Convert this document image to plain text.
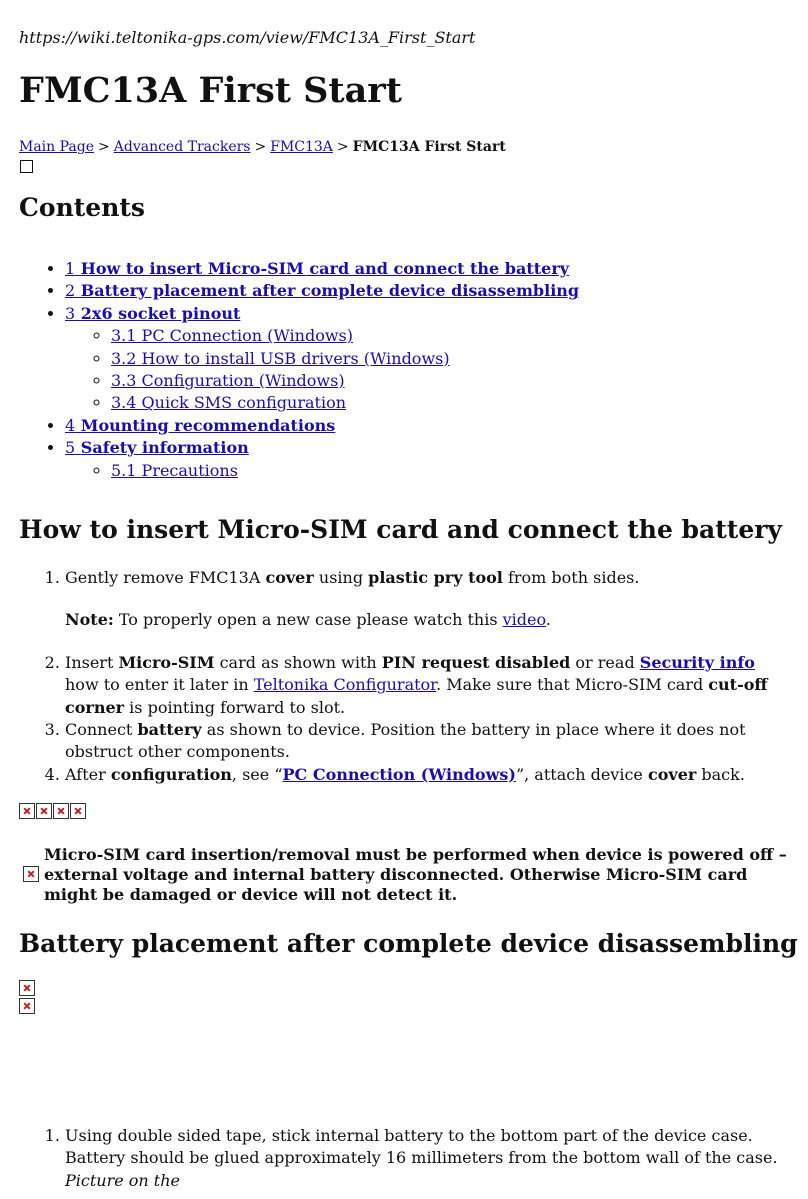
https://wiki.teltonika-gps.com/view/FMC13A_First_Start
FMC13A First Start
Main Page > Advanced Trackers > FMC13A > FMC13A First Start
Contents
• 1 How to insert Micro-SIM card and connect the battery
• 2 Battery placement after complete device disassembling
• 3 2x6 socket pinout
◦ 3.1 PC Connection (Windows)
◦ 3.2 How to install USB drivers (Windows)
◦ 3.3 Configuration (Windows)
◦ 3.4 Quick SMS configuration
• 4 Mounting recommendations
• 5 Safety information
◦ 5.1 Precautions
How to insert Micro-SIM card and connect the battery
1. Gently remove FMC13A cover using plastic pry tool from both sides.
Note: To properly open a new case please watch this video.
2. Insert Micro-SIM card as shown with PIN request disabled or read Security info how to enter it later in Teltonika Configurator. Make sure that Micro-SIM card cut-off corner is pointing forward to slot.
3. Connect battery as shown to device. Position the battery in place where it does not obstruct other components.
4. After configuration, see “PC Connection (Windows)”, attach device cover back.
Micro-SIM card insertion/removal must be performed when device is powered off – external voltage and internal battery disconnected. Otherwise Micro-SIM card might be damaged or device will not detect it.
Battery placement after complete device disassembling
1. Using double sided tape, stick internal battery to the bottom part of the device case. Battery should be glued approximately 16 millimeters from the bottom wall of the case. Picture on the
